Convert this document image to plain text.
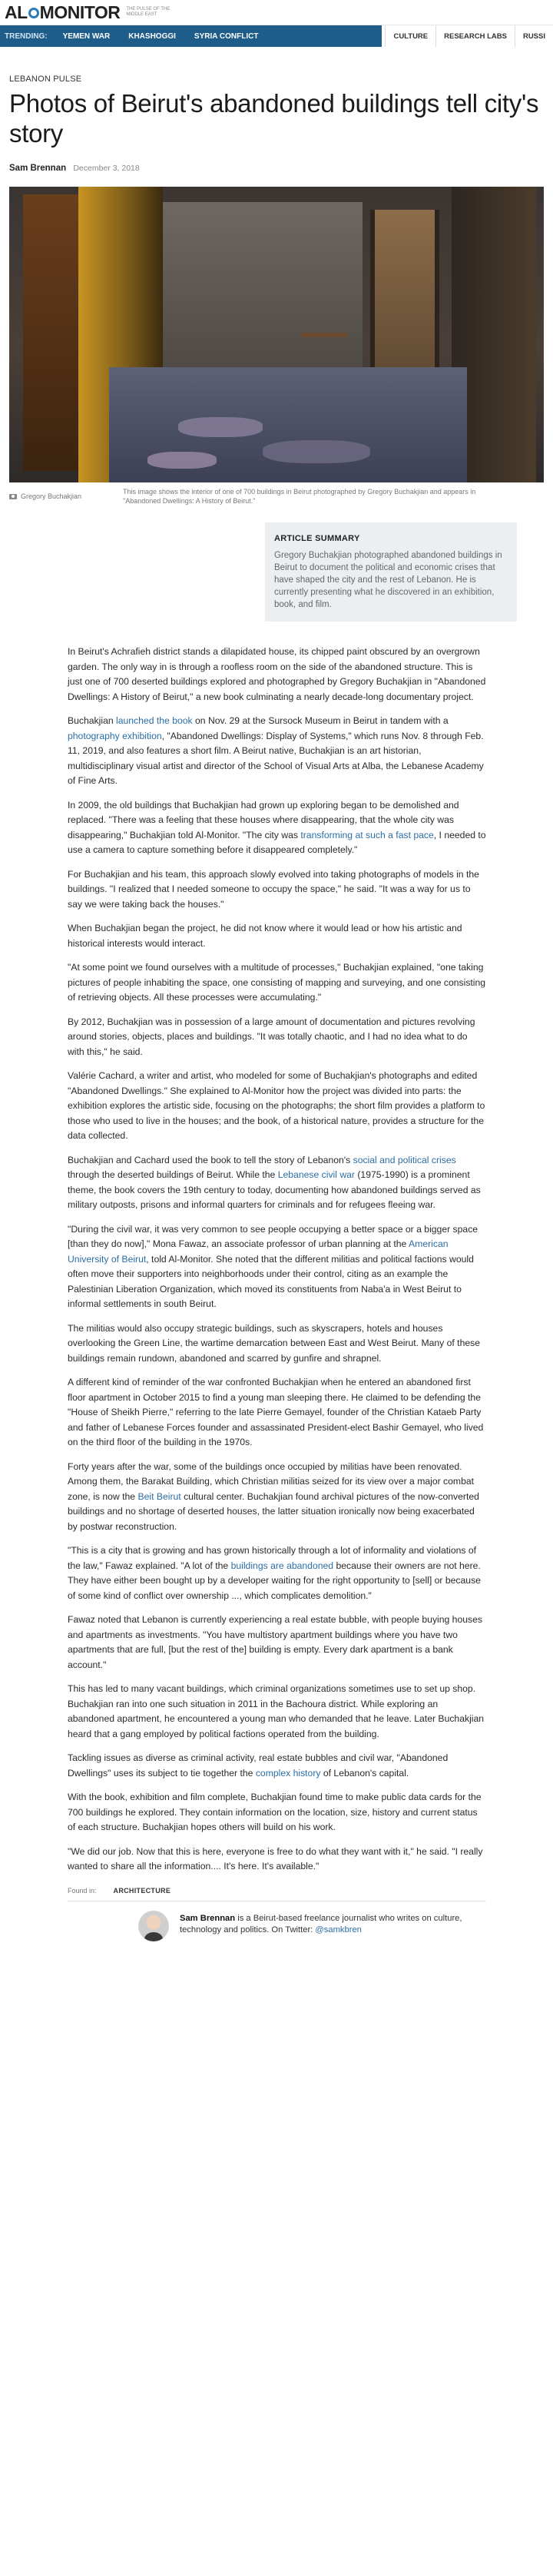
AL MONITOR THE PULSE OF THE MIDDLE EAST
TRENDING:	YEMEN WAR	KHASHOGGI	SYRIA CONFLICT	CULTURE	RESEARCH LABS	RUSSI
LEBANON PULSE
Photos of Beirut's abandoned buildings tell city's story
Sam Brennan December 3, 2018
Gregory Buchakjian
This image shows the interior of one of 700 buildings in Beirut photographed by Gregory Buchakjian and appears in "Abandoned Dwellings: A History of Beirut."
ARTICLE SUMMARY

Gregory Buchakjian photographed abandoned buildings in Beirut to document the political and economic crises that have shaped the city and the rest of Lebanon. He is currently presenting what he discovered in an exhibition, book, and film.

In Beirut's Achrafieh district stands a dilapidated house, its chipped paint obscured by an overgrown garden. The only way in is through a roofless room on the side of the abandoned structure. This is just one of 700 deserted buildings explored and photographed by Gregory Buchakjian in "Abandoned Dwellings: A History of Beirut," a new book culminating a nearly decade-long documentary project.

Buchakjian launched the book on Nov. 29 at the Sursock Museum in Beirut in tandem with a photography exhibition, "Abandoned Dwellings: Display of Systems," which runs Nov. 8 through Feb. 11, 2019, and also features a short film. A Beirut native, Buchakjian is an art historian, multidisciplinary visual artist and director of the School of Visual Arts at Alba, the Lebanese Academy of Fine Arts.

In 2009, the old buildings that Buchakjian had grown up exploring began to be demolished and replaced. "There was a feeling that these houses where disappearing, that the whole city was disappearing," Buchakjian told Al-Monitor. "The city was transforming at such a fast pace, I needed to use a camera to capture something before it disappeared completely."

For Buchakjian and his team, this approach slowly evolved into taking photographs of models in the buildings. "I realized that I needed someone to occupy the space," he said. "It was a way for us to say we were taking back the houses."

When Buchakjian began the project, he did not know where it would lead or how his artistic and historical interests would interact.

"At some point we found ourselves with a multitude of processes," Buchakjian explained, "one taking pictures of people inhabiting the space, one consisting of mapping and surveying, and one consisting of retrieving objects. All these processes were accumulating."

By 2012, Buchakjian was in possession of a large amount of documentation and pictures revolving around stories, objects, places and buildings. "It was totally chaotic, and I had no idea what to do with this," he said.

Valérie Cachard, a writer and artist, who modeled for some of Buchakjian's photographs and edited "Abandoned Dwellings." She explained to Al-Monitor how the project was divided into parts: the exhibition explores the artistic side, focusing on the photographs; the short film provides a platform to those who used to live in the houses; and the book, of a historical nature, provides a structure for the data collected.

Buchakjian and Cachard used the book to tell the story of Lebanon's social and political crises through the deserted buildings of Beirut. While the Lebanese civil war (1975-1990) is a prominent theme, the book covers the 19th century to today, documenting how abandoned buildings served as military outposts, prisons and informal quarters for criminals and for refugees fleeing war.

"During the civil war, it was very common to see people occupying a better space or a bigger space [than they do now]," Mona Fawaz, an associate professor of urban planning at the American University of Beirut, told Al-Monitor. She noted that the different militias and political factions would often move their supporters into neighborhoods under their control, citing as an example the Palestinian Liberation Organization, which moved its constituents from Naba'a in West Beirut to informal settlements in south Beirut.

The militias would also occupy strategic buildings, such as skyscrapers, hotels and houses overlooking the Green Line, the wartime demarcation between East and West Beirut. Many of these buildings remain rundown, abandoned and scarred by gunfire and shrapnel.

A different kind of reminder of the war confronted Buchakjian when he entered an abandoned first floor apartment in October 2015 to find a young man sleeping there. He claimed to be defending the "House of Sheikh Pierre," referring to the late Pierre Gemayel, founder of the Christian Kataeb Party and father of Lebanese Forces founder and assassinated President-elect Bashir Gemayel, who lived on the third floor of the building in the 1970s.

Forty years after the war, some of the buildings once occupied by militias have been renovated. Among them, the Barakat Building, which Christian militias seized for its view over a major combat zone, is now the Beit Beirut cultural center. Buchakjian found archival pictures of the now-converted buildings and no shortage of deserted houses, the latter situation ironically now being exacerbated by postwar reconstruction.

"This is a city that is growing and has grown historically through a lot of informality and violations of the law," Fawaz explained. "A lot of the buildings are abandoned because their owners are not here. They have either been bought up by a developer waiting for the right opportunity to [sell] or because of some kind of conflict over ownership ..., which complicates demolition."

Fawaz noted that Lebanon is currently experiencing a real estate bubble, with people buying houses and apartments as investments. "You have multistory apartment buildings where you have two apartments that are full, [but the rest of the] building is empty. Every dark apartment is a bank account."

This has led to many vacant buildings, which criminal organizations sometimes use to set up shop. Buchakjian ran into one such situation in 2011 in the Bachoura district. While exploring an abandoned apartment, he encountered a young man who demanded that he leave. Later Buchakjian heard that a gang employed by political factions operated from the building.

Tackling issues as diverse as criminal activity, real estate bubbles and civil war, "Abandoned Dwellings" uses its subject to tie together the complex history of Lebanon's capital.

With the book, exhibition and film complete, Buchakjian found time to make public data cards for the 700 buildings he explored. They contain information on the location, size, history and current status of each structure. Buchakjian hopes others will build on his work.

"We did our job. Now that this is here, everyone is free to do what they want with it," he said. "I really wanted to share all the information.... It's here. It's available."

Found in: ARCHITECTURE
Sam Brennan is a Beirut-based freelance journalist who writes on culture, technology and politics. On Twitter: @samkbren
